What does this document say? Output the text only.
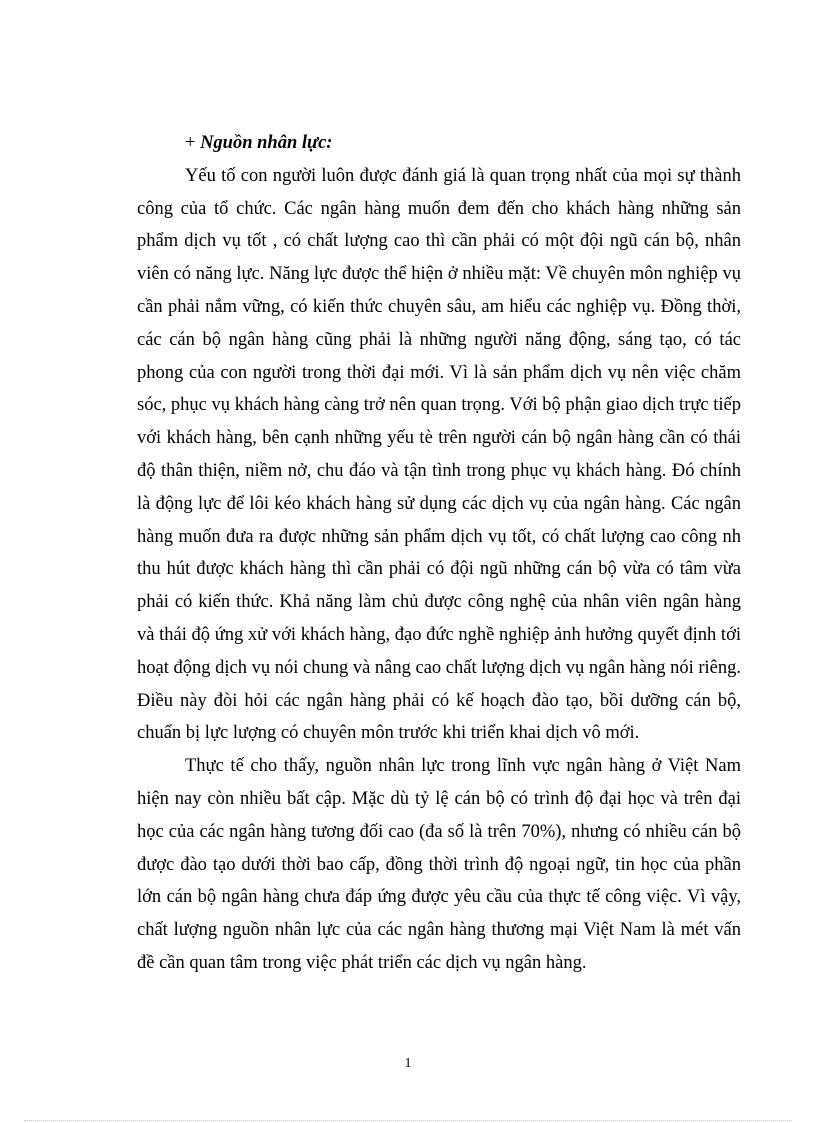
+ Nguồn nhân lực:

Yếu tố con người luôn được đánh giá là quan trọng nhất của mọi sự thành công của tổ chức. Các ngân hàng muốn đem đến cho khách hàng những sản phẩm dịch vụ tốt , có chất lượng cao thì cần phải có một đội ngũ cán bộ, nhân viên có năng lực. Năng lực được thể hiện ở nhiều mặt: Về chuyên môn nghiệp vụ cần phải nắm vững, có kiến thức chuyên sâu, am hiểu các nghiệp vụ. Đồng thời, các cán bộ ngân hàng cũng phải là những người năng động, sáng tạo, có tác phong của con người trong thời đại mới. Vì là sản phẩm dịch vụ nên việc chăm sóc, phục vụ khách hàng càng trở nên quan trọng. Với bộ phận giao dịch trực tiếp với khách hàng, bên cạnh những yếu tè trên người cán bộ ngân hàng cần có thái độ thân thiện, niềm nở, chu đáo và tận tình trong phục vụ khách hàng. Đó chính là động lực để lôi kéo khách hàng sử dụng các dịch vụ của ngân hàng. Các ngân hàng muốn đưa ra được những sản phẩm dịch vụ tốt, có chất lượng cao công nh thu hút được khách hàng thì cần phải có đội ngũ những cán bộ vừa có tâm vừa phải có kiến thức. Khả năng làm chủ được công nghệ của nhân viên ngân hàng và thái độ ứng xử với khách hàng, đạo đức nghề nghiệp ảnh hưởng quyết định tới hoạt động dịch vụ nói chung và nâng cao chất lượng dịch vụ ngân hàng nói riêng. Điều này đòi hỏi các ngân hàng phải có kế hoạch đào tạo, bồi dưỡng cán bộ, chuẩn bị lực lượng có chuyên môn trước khi triển khai dịch vô mới.

Thực tế cho thấy, nguồn nhân lực trong lĩnh vực ngân hàng ở Việt Nam hiện nay còn nhiều bất cập. Mặc dù tỷ lệ cán bộ có trình độ đại học và trên đại học của các ngân hàng tương đối cao (đa số là trên 70%), nhưng có nhiều cán bộ được đào tạo dưới thời bao cấp, đồng thời trình độ ngoại ngữ, tin học của phần lớn cán bộ ngân hàng chưa đáp ứng được yêu cầu của thực tế công việc. Vì vậy, chất lượng nguồn nhân lực của các ngân hàng thương mại Việt Nam là mét vấn đề cần quan tâm trong việc phát triển các dịch vụ ngân hàng.

1
